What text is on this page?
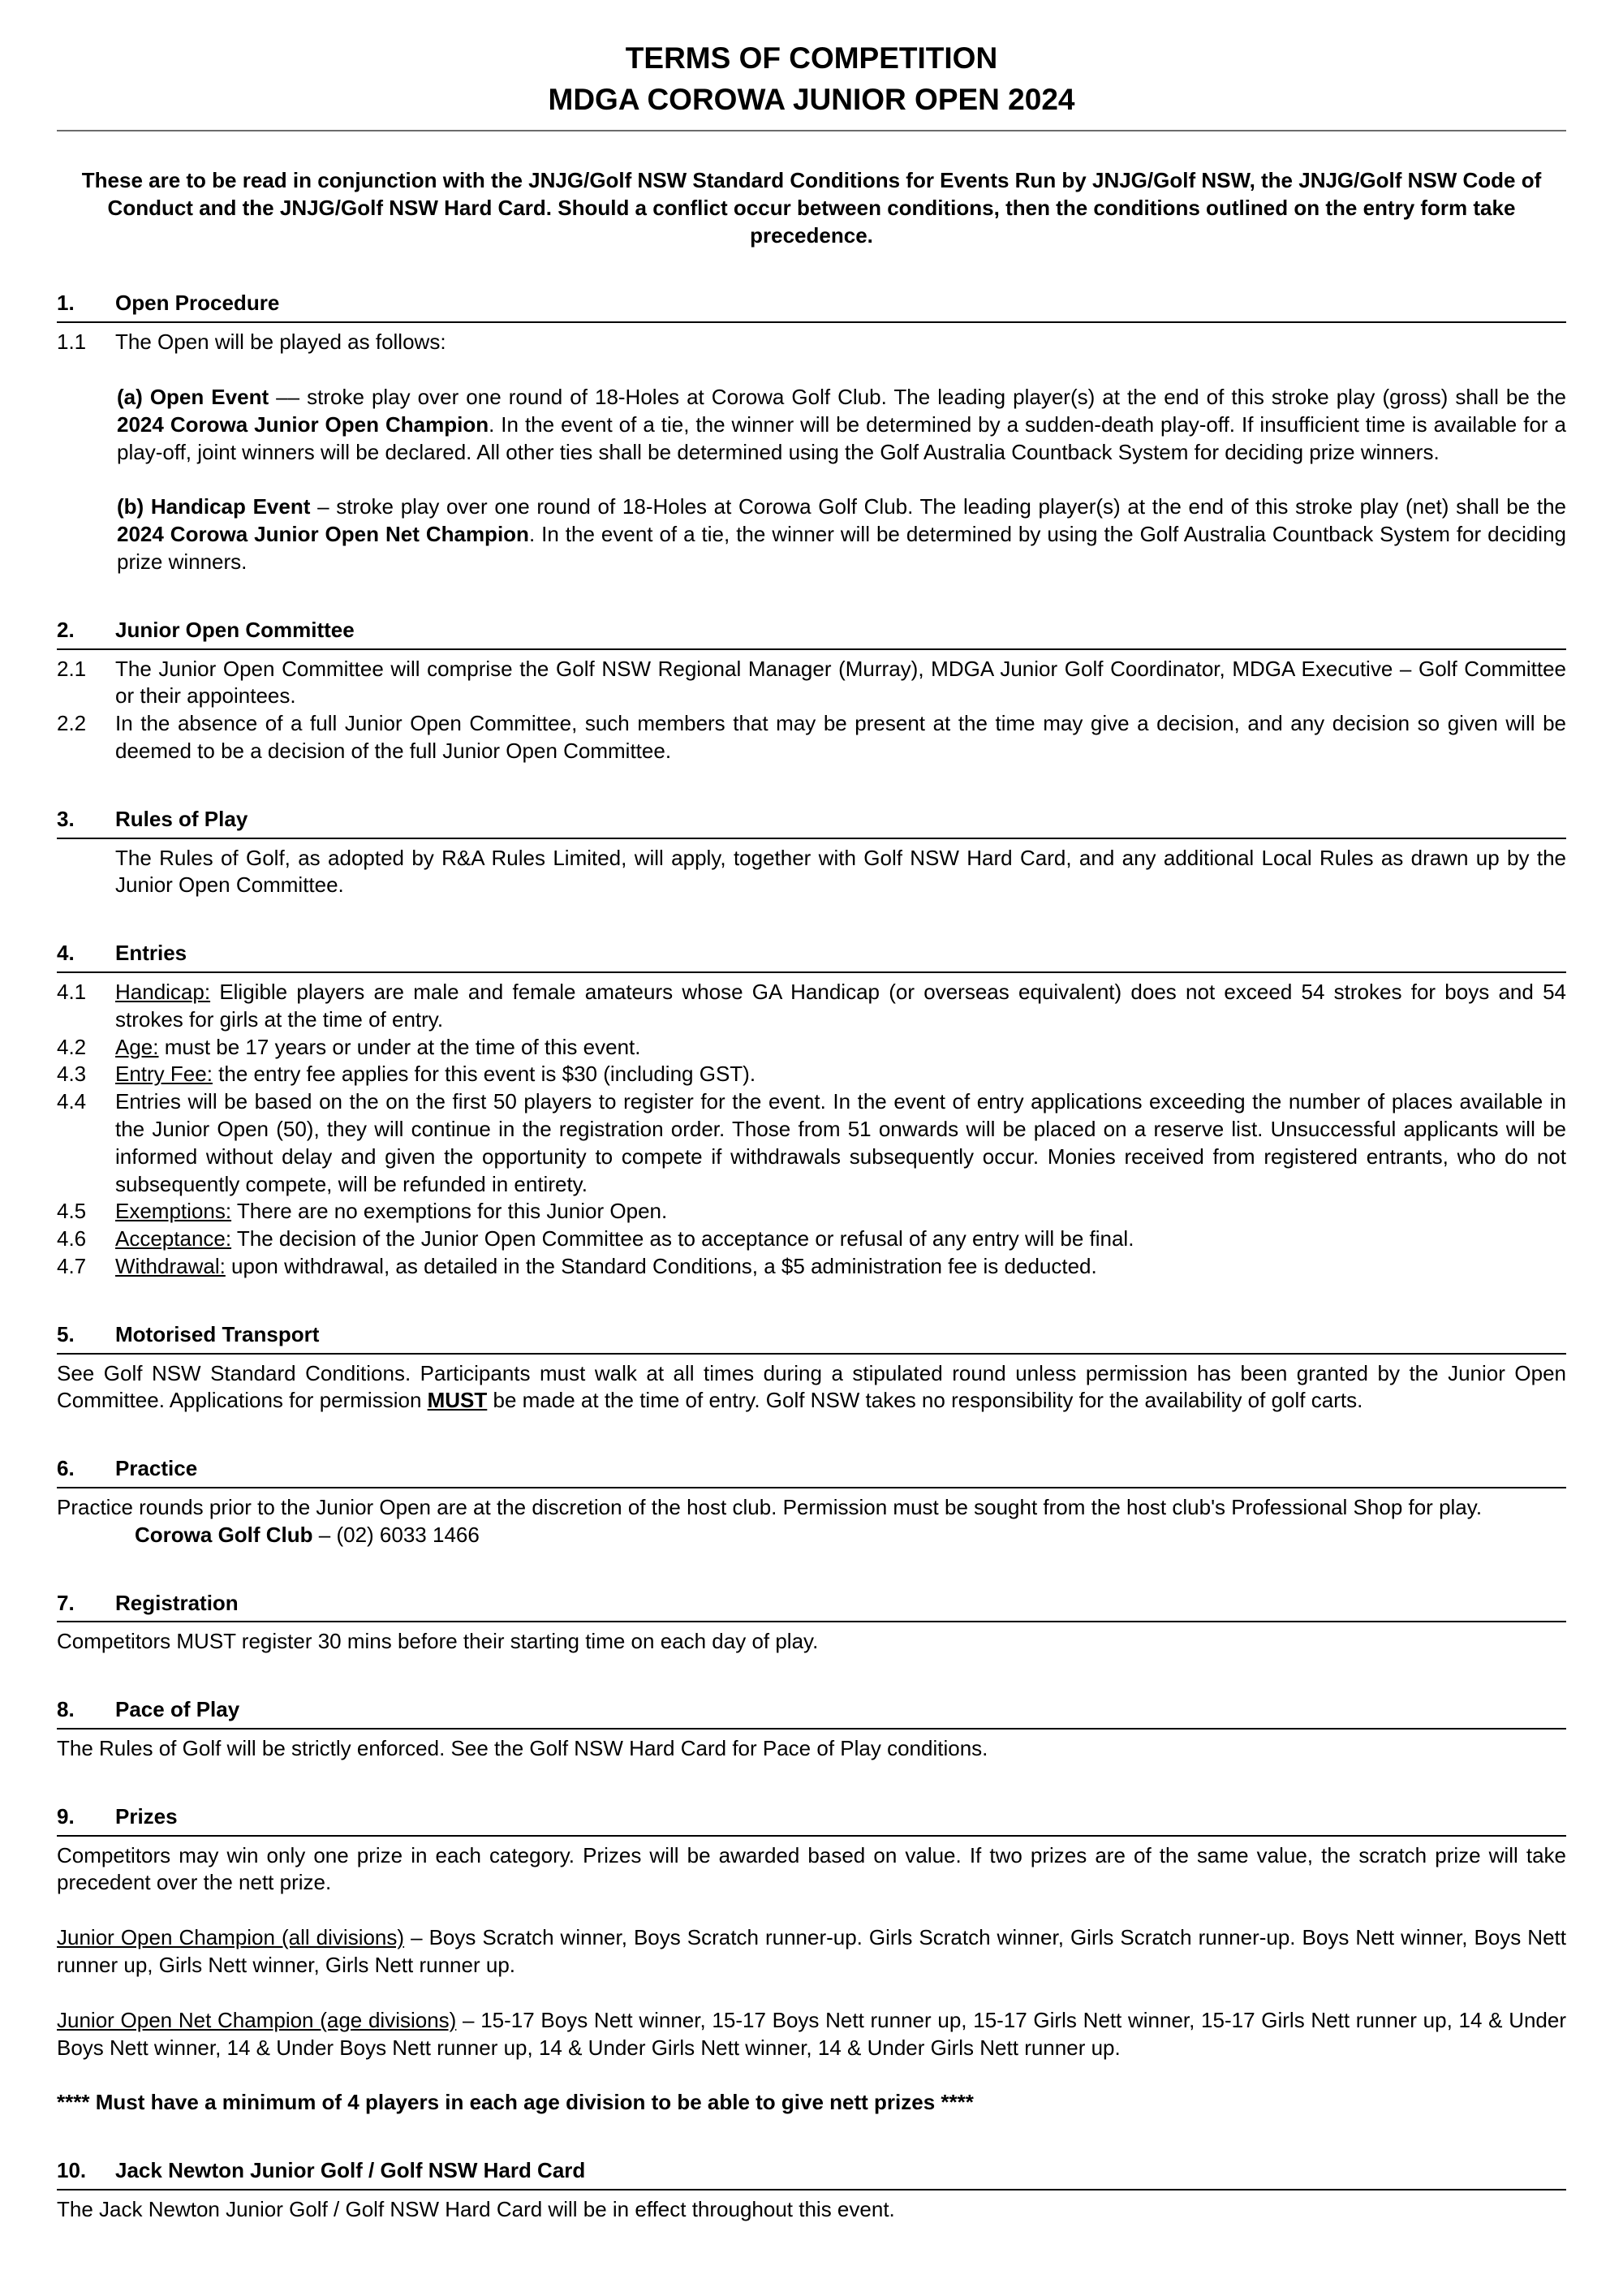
TERMS OF COMPETITION
MDGA COROWA JUNIOR OPEN 2024

These are to be read in conjunction with the JNJG/Golf NSW Standard Conditions for Events Run by JNJG/Golf NSW, the JNJG/Golf NSW Code of Conduct and the JNJG/Golf NSW Hard Card. Should a conflict occur between conditions, then the conditions outlined on the entry form take precedence.

1.	Open Procedure
1.1	The Open will be played as follows:

(a) Open Event –– stroke play over one round of 18-Holes at Corowa Golf Club. The leading player(s) at the end of this stroke play (gross) shall be the 2024 Corowa Junior Open Champion. In the event of a tie, the winner will be determined by a sudden-death play-off. If insufficient time is available for a play-off, joint winners will be declared. All other ties shall be determined using the Golf Australia Countback System for deciding prize winners.

(b) Handicap Event – stroke play over one round of 18-Holes at Corowa Golf Club. The leading player(s) at the end of this stroke play (net) shall be the 2024 Corowa Junior Open Net Champion. In the event of a tie, the winner will be determined by using the Golf Australia Countback System for deciding prize winners.

2.	Junior Open Committee
2.1	The Junior Open Committee will comprise the Golf NSW Regional Manager (Murray), MDGA Junior Golf Coordinator, MDGA Executive – Golf Committee or their appointees.

2.2	In the absence of a full Junior Open Committee, such members that may be present at the time may give a decision, and any decision so given will be deemed to be a decision of the full Junior Open Committee.

3.	Rules of Play

The Rules of Golf, as adopted by R&A Rules Limited, will apply, together with Golf NSW Hard Card, and any additional Local Rules as drawn up by the Junior Open Committee.

4.	Entries
4.1	Handicap: Eligible players are male and female amateurs whose GA Handicap (or overseas equivalent) does not exceed 54 strokes for boys and 54 strokes for girls at the time of entry.

4.2	Age: must be 17 years or under at the time of this event.

4.3	Entry Fee: the entry fee applies for this event is $30 (including GST).

4.4	Entries will be based on the on the first 50 players to register for the event. In the event of entry applications exceeding the number of places available in the Junior Open (50), they will continue in the registration order. Those from 51 onwards will be placed on a reserve list. Unsuccessful applicants will be informed without delay and given the opportunity to compete if withdrawals subsequently occur. Monies received from registered entrants, who do not subsequently compete, will be refunded in entirety.

4.5	Exemptions: There are no exemptions for this Junior Open.

4.6	Acceptance: The decision of the Junior Open Committee as to acceptance or refusal of any entry will be final.

4.7	Withdrawal: upon withdrawal, as detailed in the Standard Conditions, a $5 administration fee is deducted.

5.	Motorised Transport

See Golf NSW Standard Conditions. Participants must walk at all times during a stipulated round unless permission has been granted by the Junior Open Committee. Applications for permission MUST be made at the time of entry. Golf NSW takes no responsibility for the availability of golf carts.

6.	Practice

Practice rounds prior to the Junior Open are at the discretion of the host club. Permission must be sought from the host club's Professional Shop for play.

Corowa Golf Club – (02) 6033 1466

7.	Registration

Competitors MUST register 30 mins before their starting time on each day of play.

8.	Pace of Play

The Rules of Golf will be strictly enforced. See the Golf NSW Hard Card for Pace of Play conditions.

9.	Prizes

Competitors may win only one prize in each category. Prizes will be awarded based on value. If two prizes are of the same value, the scratch prize will take precedent over the nett prize.

Junior Open Champion (all divisions) – Boys Scratch winner, Boys Scratch runner-up. Girls Scratch winner, Girls Scratch runner-up. Boys Nett winner, Boys Nett runner up, Girls Nett winner, Girls Nett runner up.

Junior Open Net Champion (age divisions) – 15-17 Boys Nett winner, 15-17 Boys Nett runner up, 15-17 Girls Nett winner, 15-17 Girls Nett runner up, 14 & Under Boys Nett winner, 14 & Under Boys Nett runner up, 14 & Under Girls Nett winner, 14 & Under Girls Nett runner up.

**** Must have a minimum of 4 players in each age division to be able to give nett prizes ****

10.	Jack Newton Junior Golf / Golf NSW Hard Card

The Jack Newton Junior Golf / Golf NSW Hard Card will be in effect throughout this event.
